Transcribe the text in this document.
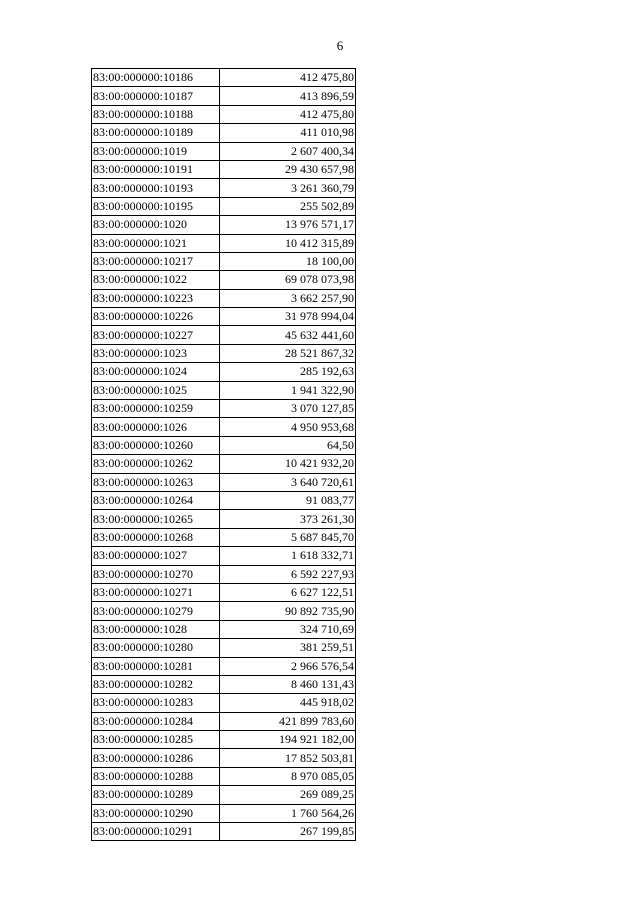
6
83:00:000000:10186	412 475,80
83:00:000000:10187	413 896,59
83:00:000000:10188	412 475,80
83:00:000000:10189	411 010,98
83:00:000000:1019	2 607 400,34
83:00:000000:10191	29 430 657,98
83:00:000000:10193	3 261 360,79
83:00:000000:10195	255 502,89
83:00:000000:1020	13 976 571,17
83:00:000000:1021	10 412 315,89
83:00:000000:10217	18 100,00
83:00:000000:1022	69 078 073,98
83:00:000000:10223	3 662 257,90
83:00:000000:10226	31 978 994,04
83:00:000000:10227	45 632 441,60
83:00:000000:1023	28 521 867,32
83:00:000000:1024	285 192,63
83:00:000000:1025	1 941 322,90
83:00:000000:10259	3 070 127,85
83:00:000000:1026	4 950 953,68
83:00:000000:10260	64,50
83:00:000000:10262	10 421 932,20
83:00:000000:10263	3 640 720,61
83:00:000000:10264	91 083,77
83:00:000000:10265	373 261,30
83:00:000000:10268	5 687 845,70
83:00:000000:1027	1 618 332,71
83:00:000000:10270	6 592 227,93
83:00:000000:10271	6 627 122,51
83:00:000000:10279	90 892 735,90
83:00:000000:1028	324 710,69
83:00:000000:10280	381 259,51
83:00:000000:10281	2 966 576,54
83:00:000000:10282	8 460 131,43
83:00:000000:10283	445 918,02
83:00:000000:10284	421 899 783,60
83:00:000000:10285	194 921 182,00
83:00:000000:10286	17 852 503,81
83:00:000000:10288	8 970 085,05
83:00:000000:10289	269 089,25
83:00:000000:10290	1 760 564,26
83:00:000000:10291	267 199,85
